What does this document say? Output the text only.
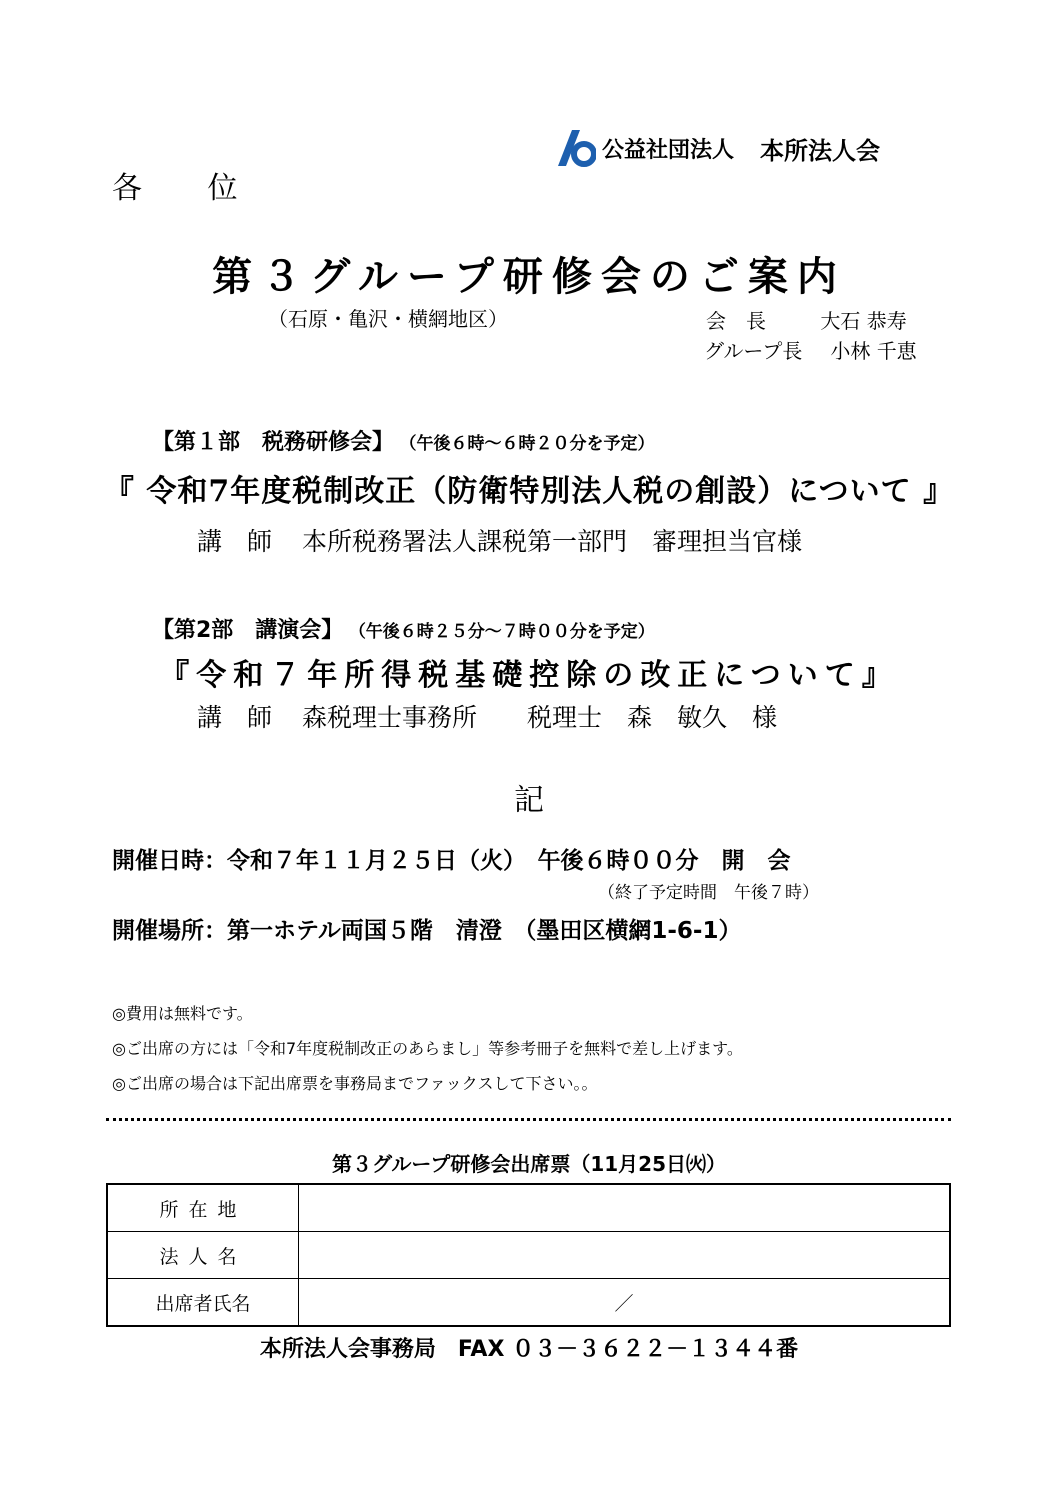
公益社団法人 本所法人会
各 位
第３グループ研修会のご案内
（石原・亀沢・横網地区）	会　長	大石 恭寿
グループ長 小林 千恵
【第１部　税務研修会】 （午後６時～６時２０分を予定）
『 令和7年度税制改正（防衛特別法人税の創設）について 』
講　師 本所税務署法人課税第一部門　審理担当官様
【第2部　講演会】 （午後６時２５分～７時００分を予定）
『令和７年所得税基礎控除の改正について』
講　師 森税理士事務所　　税理士　森　敏久　様
記
開催日時：令和７年１１月２５日（火）　午後６時００分　開　会
（終了予定時間　午後７時）
開催場所：第一ホテル両国５階　清澄　（墨田区横網1-6-1）
◎費用は無料です。
◎ご出席の方には「令和7年度税制改正のあらまし」等参考冊子を無料で差し上げます。
◎ご出席の場合は下記出席票を事務局までファックスして下さい。。
第３グループ研修会出席票（11月25日㈫）
所在地	
法人名	
出席者氏名	／
本所法人会事務局　FAX ０３－３６２２－１３４４番
